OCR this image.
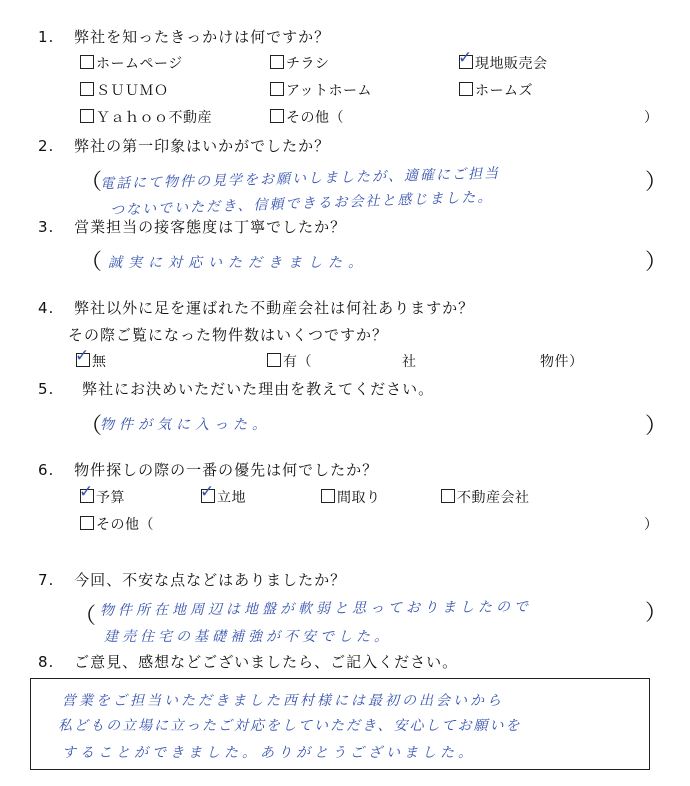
1. 弊社を知ったきっかけは何ですか？
ホームページ	チラシ	✓ 現地販売会
ＳＵＵＭＯ	アットホーム	ホームズ
Ｙａｈｏｏ不動産	その他（	）
2. 弊社の第一印象はいかがでしたか？
（	）
電話にて物件の見学をお願いしましたが、適確にご担当
つないでいただき、信頼できるお会社と感じました。
3. 営業担当の接客態度は丁寧でしたか？
（	）
誠実に対応いただきました。
4. 弊社以外に足を運ばれた不動産会社は何社ありますか？
その際ご覧になった物件数はいくつですか？
✓ 無	有（	社	物件）
5. 弊社にお決めいただいた理由を教えてください。
（	）
物件が気に入った。
6. 物件探しの際の一番の優先は何でしたか？
✓ 予算	✓ 立地	間取り	不動産会社
その他（	）
7. 今回、不安な点などはありましたか？
（	）
物件所在地周辺は地盤が軟弱と思っておりましたので
建売住宅の基礎補強が不安でした。
8. ご意見、感想などございましたら、ご記入ください。
営業をご担当いただきました西村様には最初の出会いから
私どもの立場に立ったご対応をしていただき、安心してお願いを
することができました。ありがとうございました。
